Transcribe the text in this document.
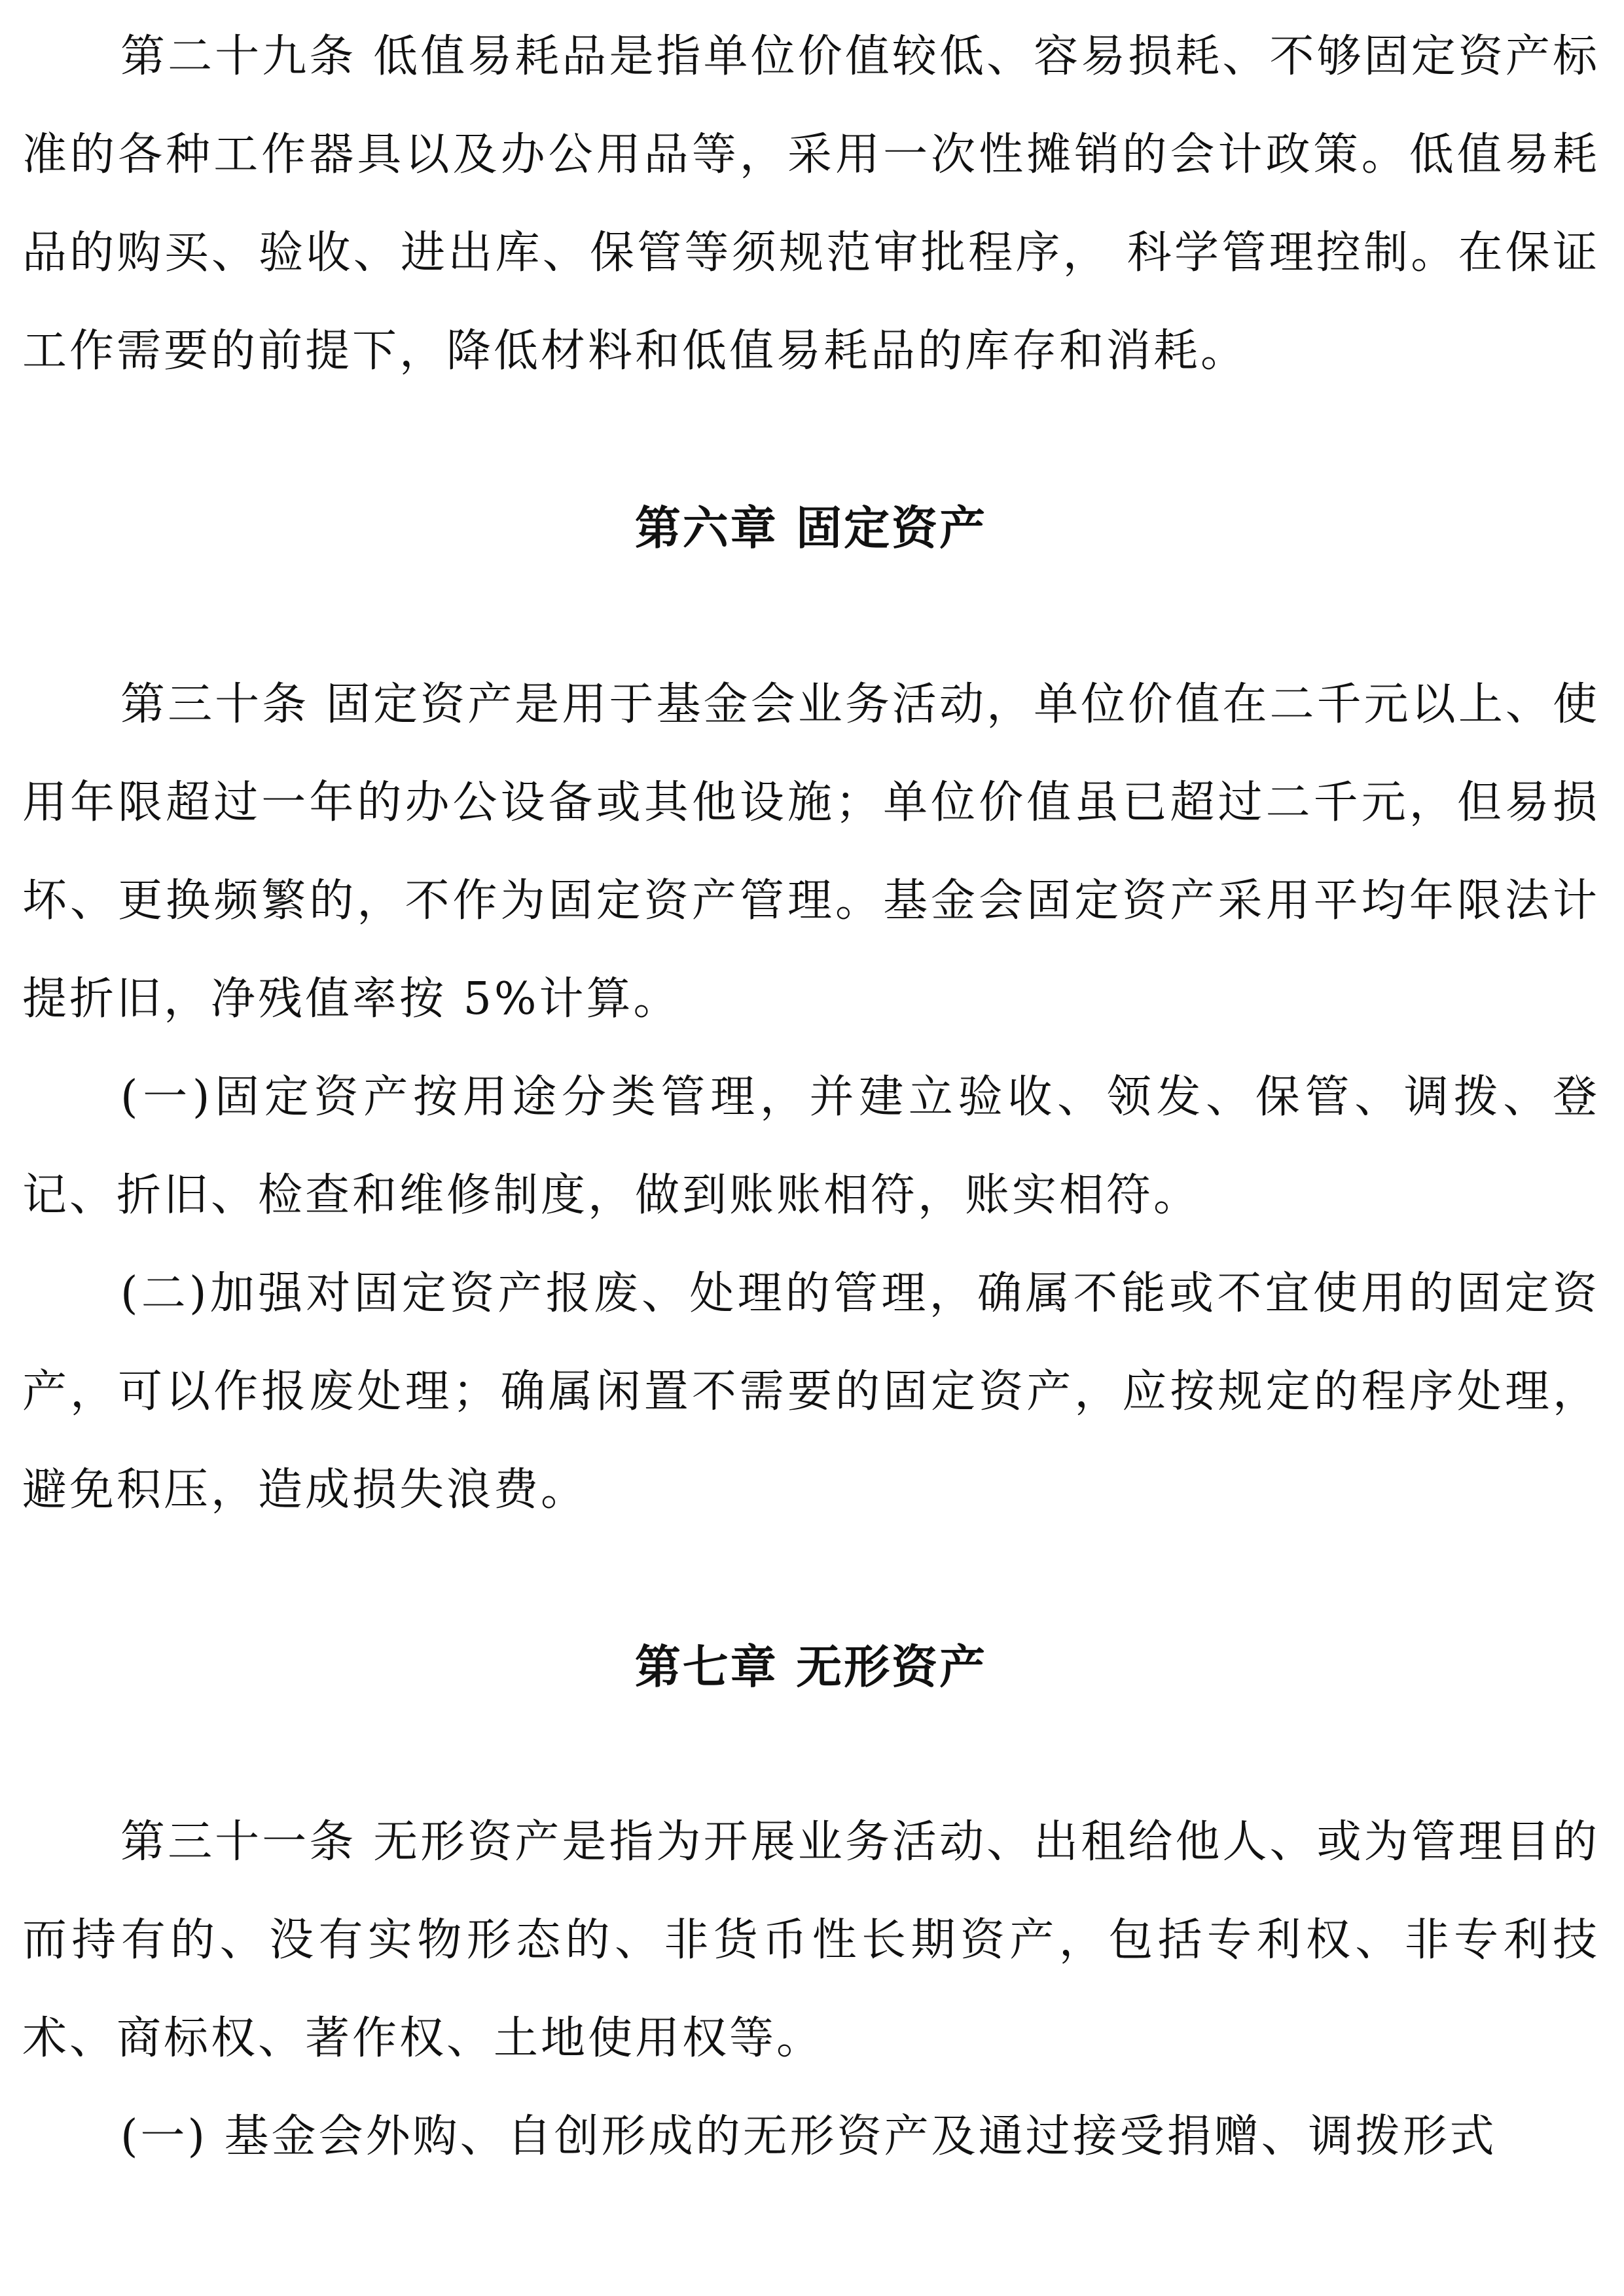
第二十九条 低值易耗品是指单位价值较低、容易损耗、不够固定资产标准的各种工作器具以及办公用品等，采用一次性摊销的会计政策。低值易耗品的购买、验收、进出库、保管等须规范审批程序， 科学管理控制。在保证工作需要的前提下，降低材料和低值易耗品的库存和消耗。

第六章 固定资产

第三十条 固定资产是用于基金会业务活动，单位价值在二千元以上、使用年限超过一年的办公设备或其他设施；单位价值虽已超过二千元，但易损坏、更换频繁的，不作为固定资产管理。基金会固定资产采用平均年限法计提折旧，净残值率按 5%计算。

(一)固定资产按用途分类管理，并建立验收、领发、保管、调拨、登记、折旧、检查和维修制度，做到账账相符，账实相符。

(二)加强对固定资产报废、处理的管理，确属不能或不宜使用的固定资产，可以作报废处理；确属闲置不需要的固定资产，应按规定的程序处理，避免积压，造成损失浪费。

第七章 无形资产

第三十一条 无形资产是指为开展业务活动、出租给他人、或为管理目的而持有的、没有实物形态的、非货币性长期资产，包括专利权、非专利技术、商标权、著作权、土地使用权等。

(一) 基金会外购、自创形成的无形资产及通过接受捐赠、调拨形式
